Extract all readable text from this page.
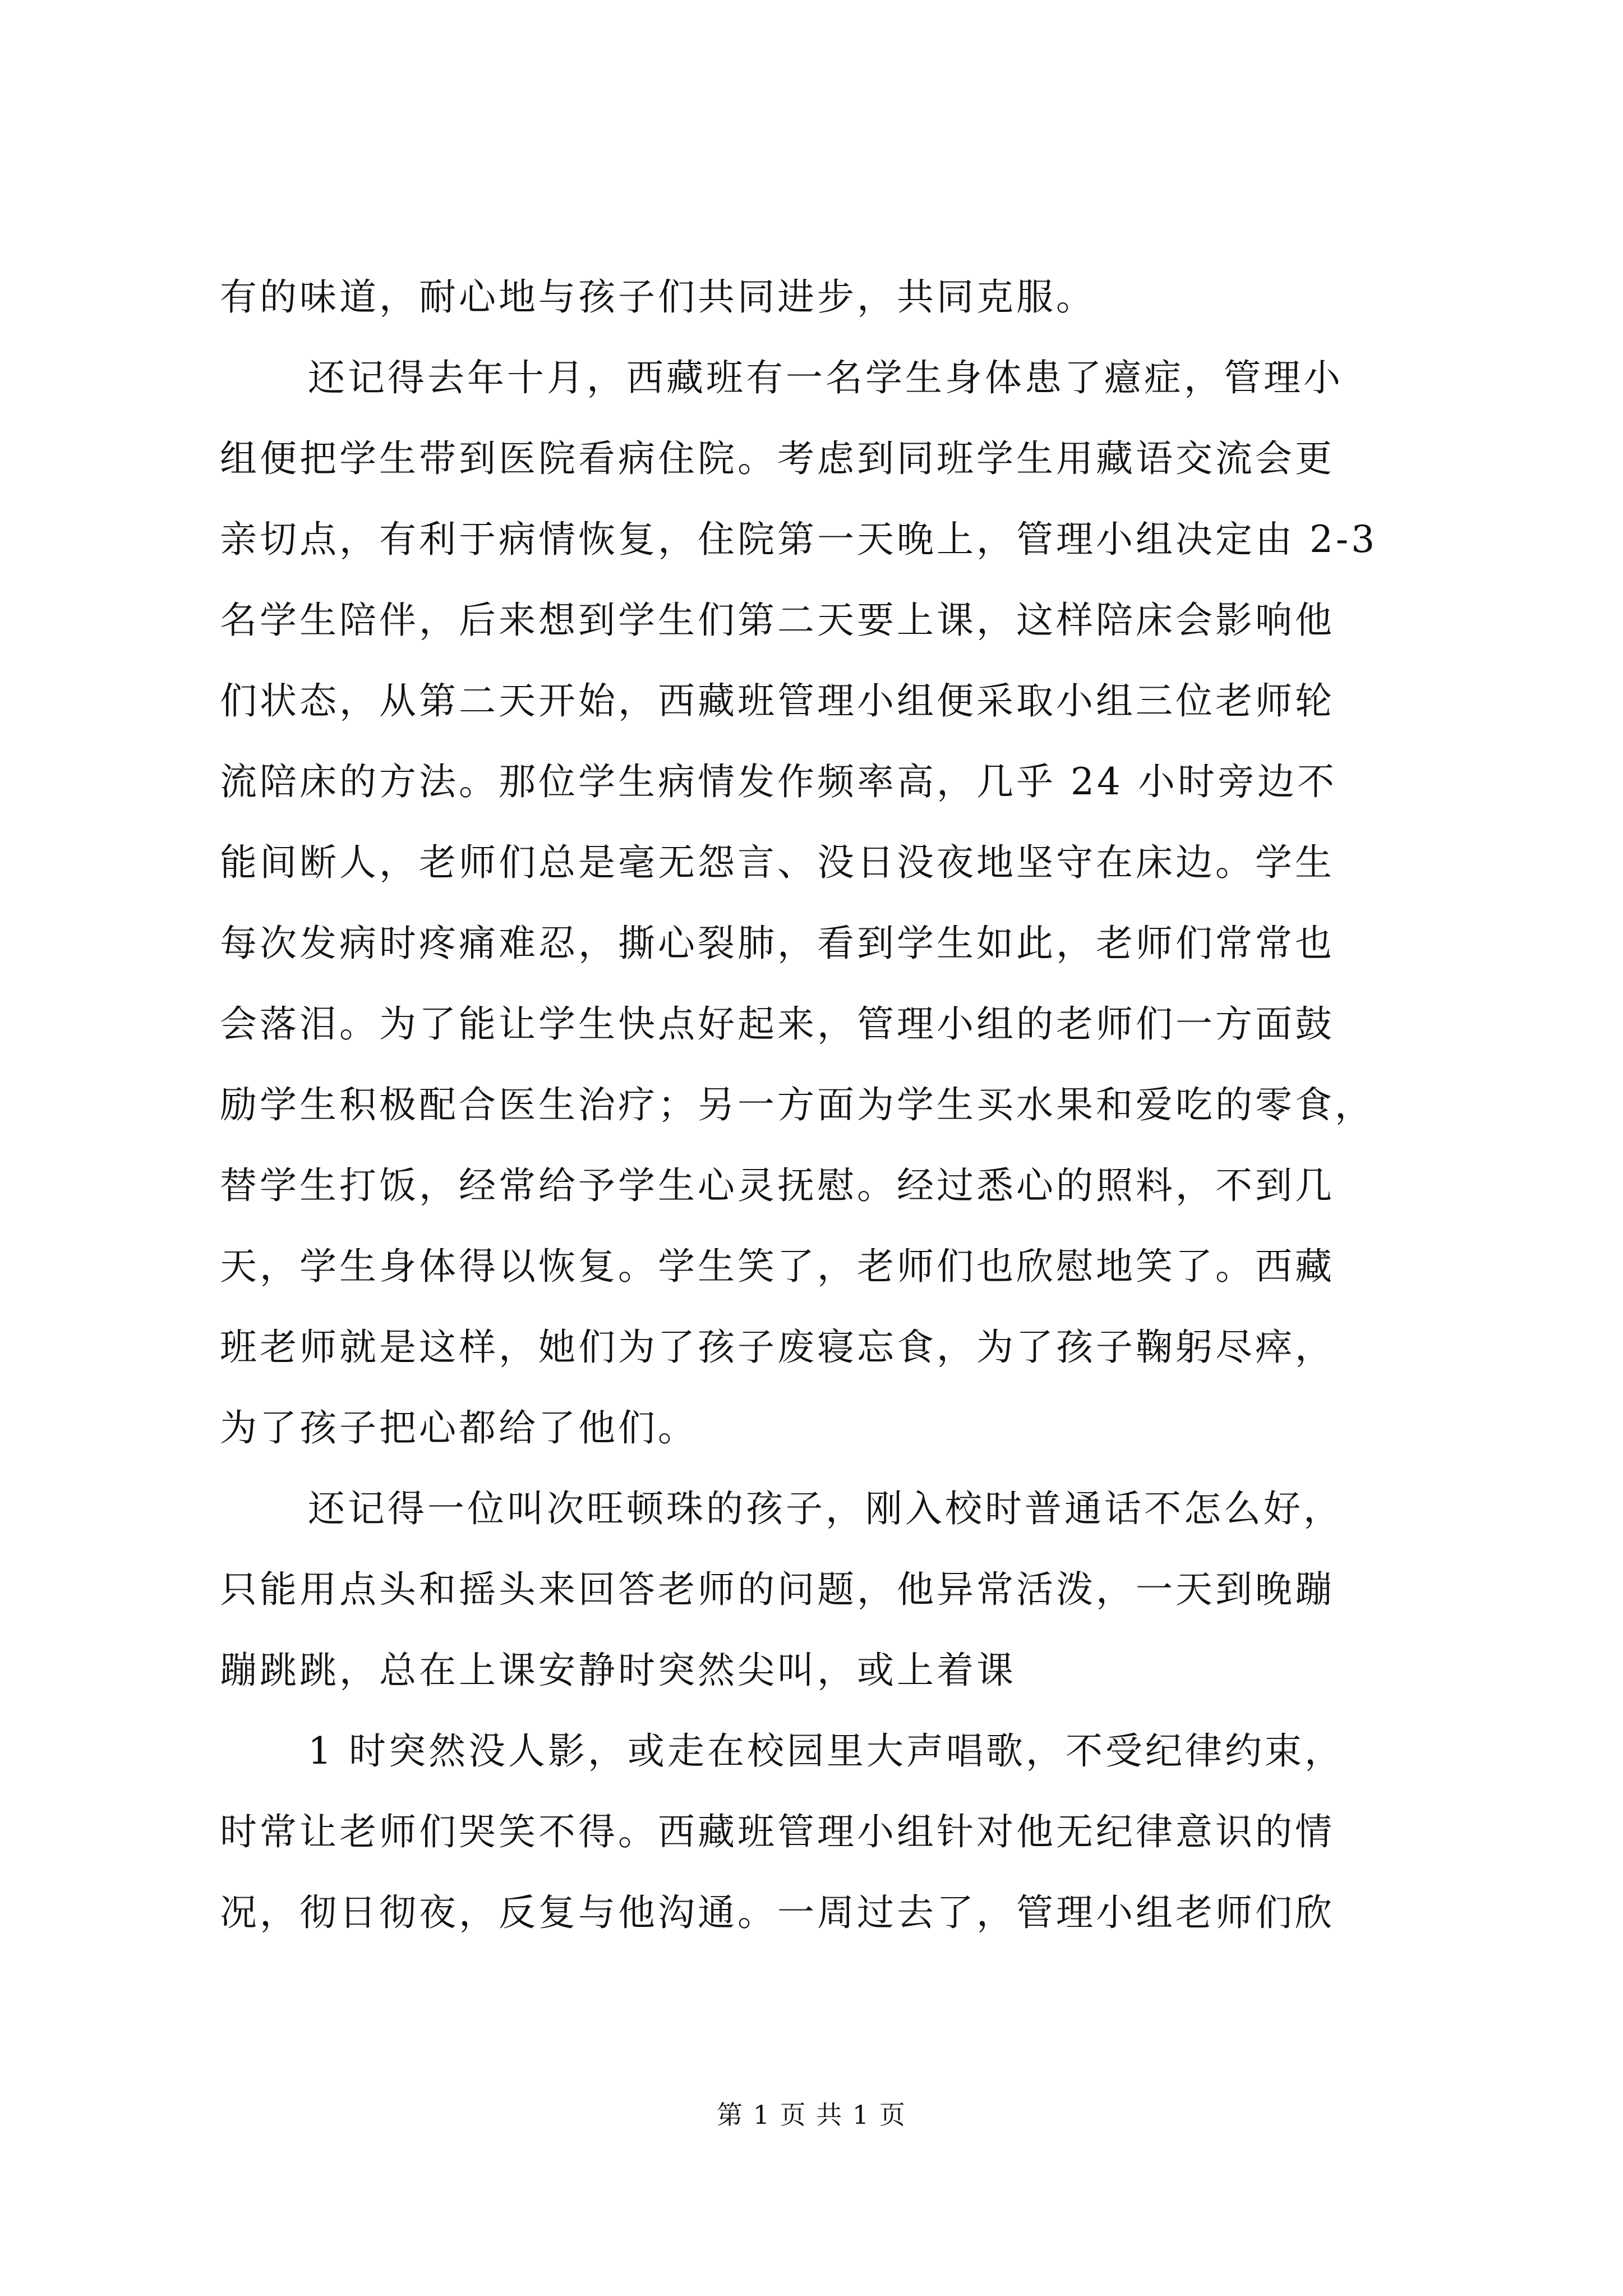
有的味道，耐心地与孩子们共同进步，共同克服。
还记得去年十月，西藏班有一名学生身体患了癔症，管理小
组便把学生带到医院看病住院。考虑到同班学生用藏语交流会更
亲切点，有利于病情恢复，住院第一天晚上，管理小组决定由 2-3
名学生陪伴，后来想到学生们第二天要上课，这样陪床会影响他
们状态，从第二天开始，西藏班管理小组便采取小组三位老师轮
流陪床的方法。那位学生病情发作频率高，几乎 24 小时旁边不
能间断人，老师们总是毫无怨言、没日没夜地坚守在床边。学生
每次发病时疼痛难忍，撕心裂肺，看到学生如此，老师们常常也
会落泪。为了能让学生快点好起来，管理小组的老师们一方面鼓
励学生积极配合医生治疗；另一方面为学生买水果和爱吃的零食，
替学生打饭，经常给予学生心灵抚慰。经过悉心的照料，不到几
天，学生身体得以恢复。学生笑了，老师们也欣慰地笑了。西藏
班老师就是这样，她们为了孩子废寝忘食，为了孩子鞠躬尽瘁，
为了孩子把心都给了他们。
还记得一位叫次旺顿珠的孩子，刚入校时普通话不怎么好，
只能用点头和摇头来回答老师的问题，他异常活泼，一天到晚蹦
蹦跳跳，总在上课安静时突然尖叫，或上着课
1 时突然没人影，或走在校园里大声唱歌，不受纪律约束，
时常让老师们哭笑不得。西藏班管理小组针对他无纪律意识的情
况，彻日彻夜，反复与他沟通。一周过去了，管理小组老师们欣
第 1 页 共 1 页
